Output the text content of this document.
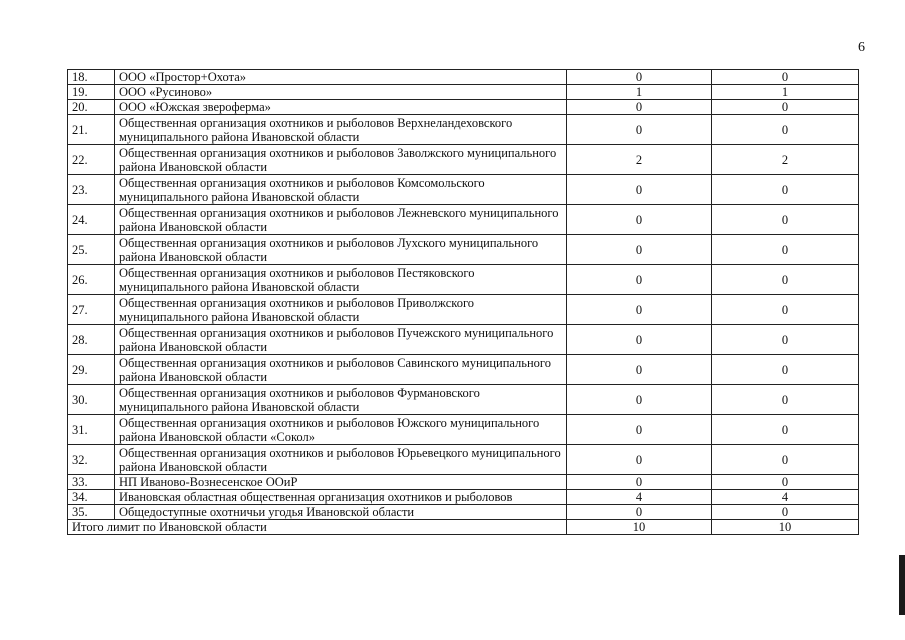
6
18.	ООО «Простор+Охота»	0	0
19.	ООО «Русиново»	1	1
20.	ООО «Южская звероферма»	0	0
21.	Общественная организация охотников и рыболовов Верхнеландеховского муниципального района Ивановской области	0	0
22.	Общественная организация охотников и рыболовов Заволжского муниципального района Ивановской области	2	2
23.	Общественная организация охотников и рыболовов Комсомольского муниципального района Ивановской области	0	0
24.	Общественная организация охотников и рыболовов Лежневского муниципального района Ивановской области	0	0
25.	Общественная организация охотников и рыболовов Лухского муниципального района Ивановской области	0	0
26.	Общественная организация охотников и рыболовов Пестяковского муниципального района Ивановской области	0	0
27.	Общественная организация охотников и рыболовов Приволжского муниципального района Ивановской области	0	0
28.	Общественная организация охотников и рыболовов Пучежского муниципального района Ивановской области	0	0
29.	Общественная организация охотников и рыболовов Савинского муниципального района Ивановской области	0	0
30.	Общественная организация охотников и рыболовов Фурмановского муниципального района Ивановской области	0	0
31.	Общественная организация охотников и рыболовов Южского муниципального района Ивановской области «Сокол»	0	0
32.	Общественная организация охотников и рыболовов Юрьевецкого муниципального района Ивановской области	0	0
33.	НП Иваново-Вознесенское ООиР	0	0
34.	Ивановская областная общественная организация охотников и рыболовов	4	4
35.	Общедоступные охотничьи угодья Ивановской области	0	0
Итого лимит по Ивановской области		10	10
